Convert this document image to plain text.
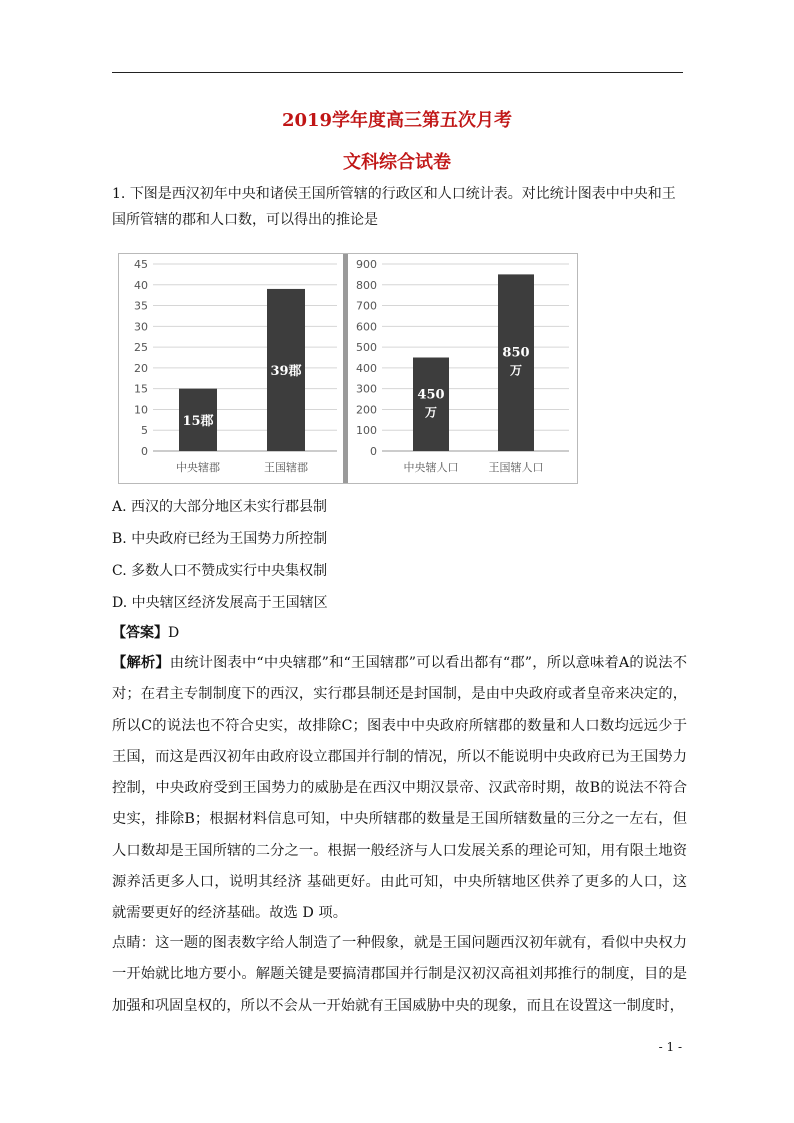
2019学年度高三第五次月考
文科综合试卷
1. 下图是西汉初年中央和诸侯王国所管辖的行政区和人口统计表。对比统计图表中中央和王国所管辖的郡和人口数，可以得出的推论是
0
5
10
15
20
25
30
35
40
45
15郡
中央辖郡
39郡
王国辖郡
0
100
200
300
400
500
600
700
800
900
450
万
中央辖人口
850
万
王国辖人口
A. 西汉的大部分地区未实行郡县制
B. 中央政府已经为王国势力所控制
C. 多数人口不赞成实行中央集权制
D. 中央辖区经济发展高于王国辖区
【答案】D
【解析】由统计图表中“中央辖郡”和“王国辖郡”可以看出都有“郡”，所以意味着A的说法不对；在君主专制制度下的西汉，实行郡县制还是封国制，是由中央政府或者皇帝来决定的，所以C的说法也不符合史实，故排除C；图表中中央政府所辖郡的数量和人口数均远远少于王国，而这是西汉初年由政府设立郡国并行制的情况，所以不能说明中央政府已为王国势力控制，中央政府受到王国势力的威胁是在西汉中期汉景帝、汉武帝时期，故B的说法不符合史实，排除B；根据材料信息可知，中央所辖郡的数量是王国所辖数量的三分之一左右，但人口数却是王国所辖的二分之一。根据一般经济与人口发展关系的理论可知，用有限土地资源养活更多人口，说明其经济 基础更好。由此可知，中央所辖地区供养了更多的人口，这就需要更好的经济基础。故选 D 项。
点睛：这一题的图表数字给人制造了一种假象，就是王国问题西汉初年就有，看似中央权力一开始就比地方要小。解题关键是要搞清郡国并行制是汉初汉高祖刘邦推行的制度，目的是加强和巩固皇权的，所以不会从一开始就有王国威胁中央的现象，而且在设置这一制度时，
- 1 -
